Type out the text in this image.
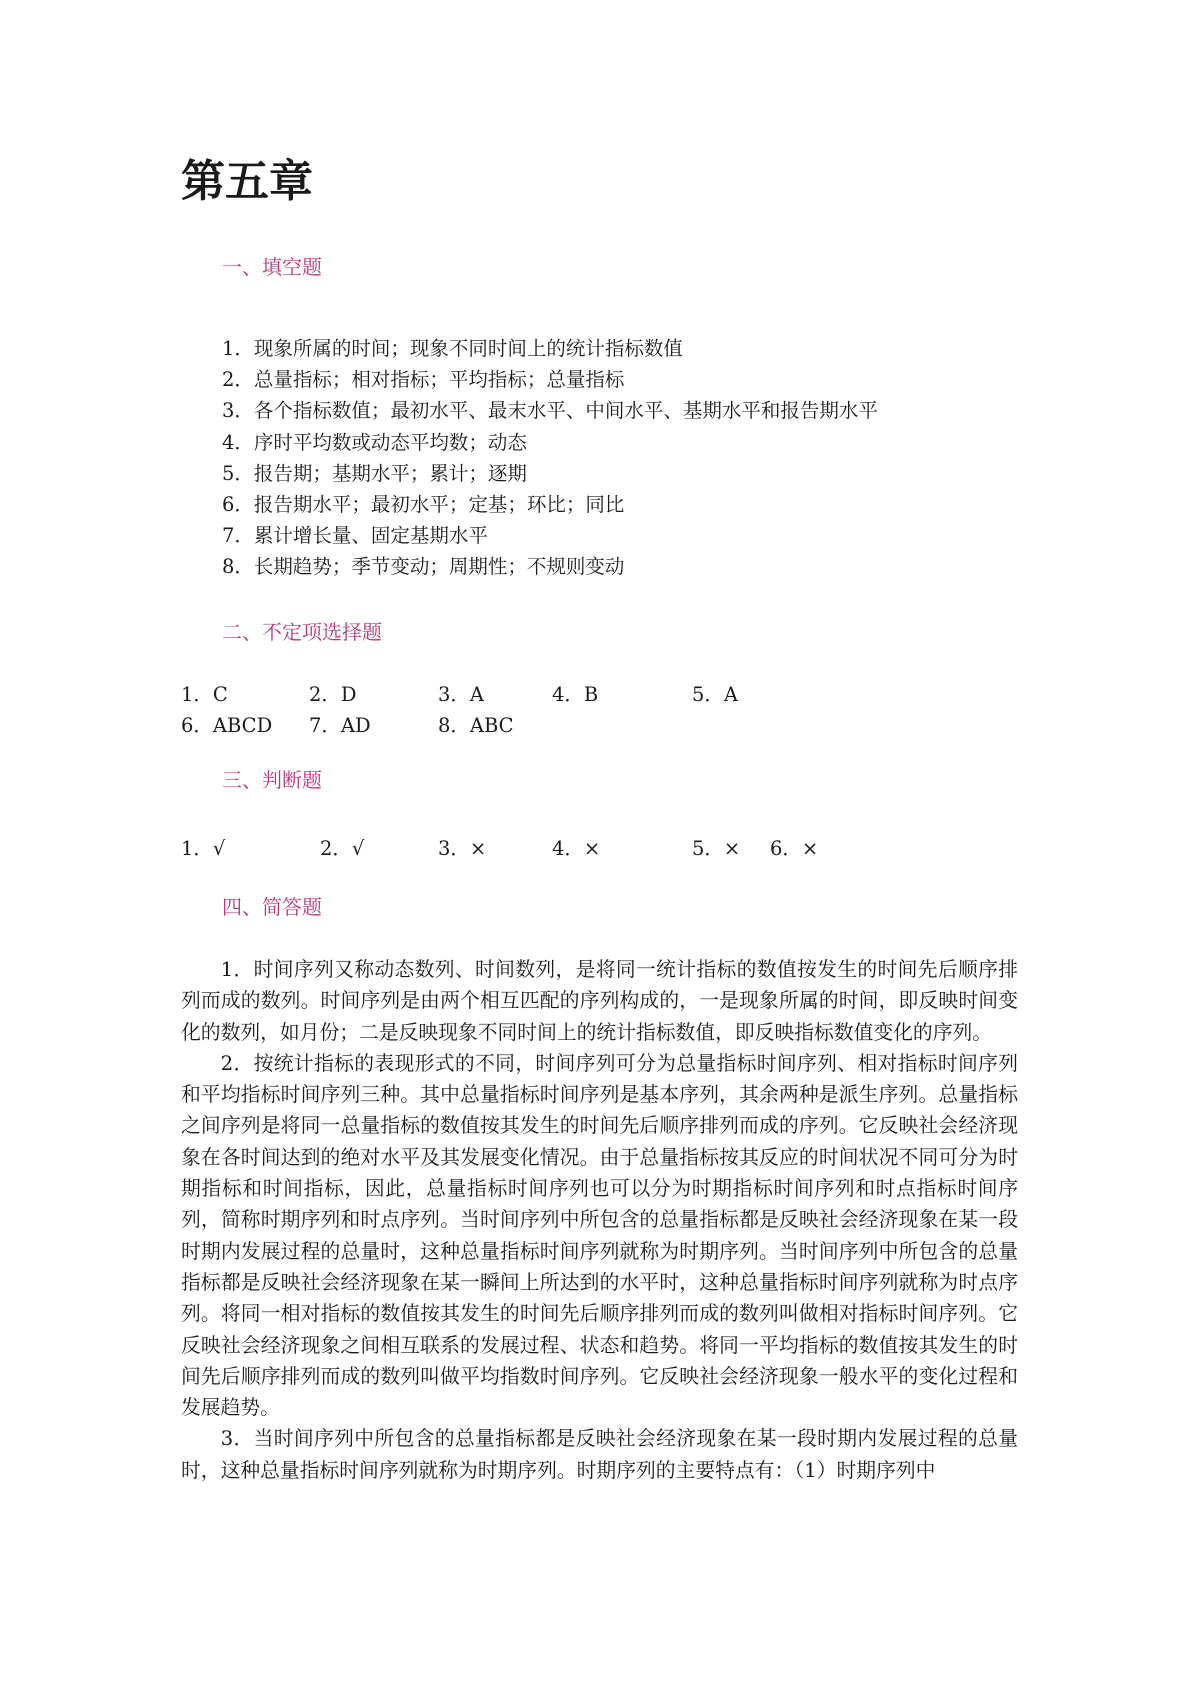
第五章
一、填空题
1．现象所属的时间；现象不同时间上的统计指标数值
2．总量指标；相对指标；平均指标；总量指标
3．各个指标数值；最初水平、最末水平、中间水平、基期水平和报告期水平
4．序时平均数或动态平均数；动态
5．报告期；基期水平；累计；逐期
6．报告期水平；最初水平；定基；环比；同比
7．累计增长量、固定基期水平
8．长期趋势；季节变动；周期性；不规则变动
二、不定项选择题
1．C	2．D	3．A	4．B	5．A
6．ABCD 7．AD	8．ABC
三、判断题
1．√	2．√	3．×	4．×	5．× 6．×
四、简答题

1．时间序列又称动态数列、时间数列，是将同一统计指标的数值按发生的时间先后顺序排列而成的数列。时间序列是由两个相互匹配的序列构成的，一是现象所属的时间，即反映时间变化的数列，如月份；二是反映现象不同时间上的统计指标数值，即反映指标数值变化的序列。

2．按统计指标的表现形式的不同，时间序列可分为总量指标时间序列、相对指标时间序列和平均指标时间序列三种。其中总量指标时间序列是基本序列，其余两种是派生序列。总量指标之间序列是将同一总量指标的数值按其发生的时间先后顺序排列而成的序列。它反映社会经济现象在各时间达到的绝对水平及其发展变化情况。由于总量指标按其反应的时间状况不同可分为时期指标和时间指标，因此，总量指标时间序列也可以分为时期指标时间序列和时点指标时间序列，简称时期序列和时点序列。当时间序列中所包含的总量指标都是反映社会经济现象在某一段时期内发展过程的总量时，这种总量指标时间序列就称为时期序列。当时间序列中所包含的总量指标都是反映社会经济现象在某一瞬间上所达到的水平时，这种总量指标时间序列就称为时点序列。将同一相对指标的数值按其发生的时间先后顺序排列而成的数列叫做相对指标时间序列。它反映社会经济现象之间相互联系的发展过程、状态和趋势。将同一平均指标的数值按其发生的时间先后顺序排列而成的数列叫做平均指数时间序列。它反映社会经济现象一般水平的变化过程和发展趋势。

3．当时间序列中所包含的总量指标都是反映社会经济现象在某一段时期内发展过程的总量时，这种总量指标时间序列就称为时期序列。时期序列的主要特点有：（1）时期序列中
